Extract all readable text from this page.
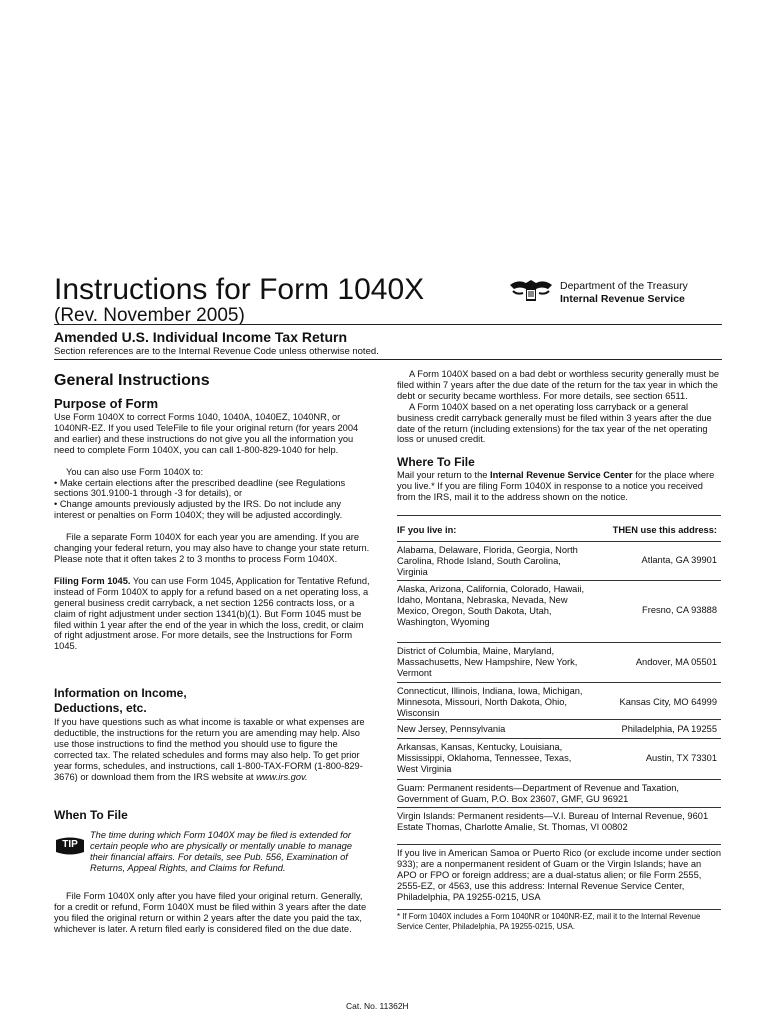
Instructions for Form 1040X
(Rev. November 2005)
Amended U.S. Individual Income Tax Return
Section references are to the Internal Revenue Code unless otherwise noted.
Department of the Treasury
Internal Revenue Service
General Instructions
Purpose of Form

Use Form 1040X to correct Forms 1040, 1040A, 1040EZ, 1040NR, or 1040NR-EZ. If you used TeleFile to file your original return (for years 2004 and earlier) and these instructions do not give you all the information you need to complete Form 1040X, you can call 1-800-829-1040 for help.

You can also use Form 1040X to:

• Make certain elections after the prescribed deadline (see Regulations sections 301.9100-1 through -3 for details), or

• Change amounts previously adjusted by the IRS. Do not include any interest or penalties on Form 1040X; they will be adjusted accordingly.

File a separate Form 1040X for each year you are amending. If you are changing your federal return, you may also have to change your state return. Please note that it often takes 2 to 3 months to process Form 1040X.

Filing Form 1045. You can use Form 1045, Application for Tentative Refund, instead of Form 1040X to apply for a refund based on a net operating loss, a general business credit carryback, a net section 1256 contracts loss, or a claim of right adjustment under section 1341(b)(1). But Form 1045 must be filed within 1 year after the end of the year in which the loss, credit, or claim of right adjustment arose. For more details, see the Instructions for Form 1045.

Information on Income,
Deductions, etc.

If you have questions such as what income is taxable or what expenses are deductible, the instructions for the return you are amending may help. Also use those instructions to find the method you should use to figure the corrected tax. The related schedules and forms may also help. To get prior year forms, schedules, and instructions, call 1-800-TAX-FORM (1-800-829-3676) or download them from the IRS website at www.irs.gov.

When To File
TIP
The time during which Form 1040X may be filed is extended for certain people who are physically or mentally unable to manage their financial affairs. For details, see Pub. 556, Examination of Returns, Appeal Rights, and Claims for Refund.

File Form 1040X only after you have filed your original return. Generally, for a credit or refund, Form 1040X must be filed within 3 years after the date you filed the original return or within 2 years after the date you paid the tax, whichever is later. A return filed early is considered filed on the due date.

A Form 1040X based on a bad debt or worthless security generally must be filed within 7 years after the due date of the return for the tax year in which the debt or security became worthless. For more details, see section 6511.

A Form 1040X based on a net operating loss carryback or a general business credit carryback generally must be filed within 3 years after the due date of the return (including extensions) for the tax year of the net operating loss or unused credit.

Where To File

Mail your return to the Internal Revenue Service Center for the place where you live.* If you are filing Form 1040X in response to a notice you received from the IRS, mail it to the address shown on the notice.

IF you live in:	THEN use this address:
Alabama, Delaware, Florida, Georgia, North Carolina, Rhode Island, South Carolina, Virginia
Atlanta, GA 39901
Alaska, Arizona, California, Colorado, Hawaii, Idaho, Montana, Nebraska, Nevada, New Mexico, Oregon, South Dakota, Utah, Washington, Wyoming
Fresno, CA 93888
District of Columbia, Maine, Maryland, Massachusetts, New Hampshire, New York, Vermont
Andover, MA 05501
Connecticut, Illinois, Indiana, Iowa, Michigan, Minnesota, Missouri, North Dakota, Ohio, Wisconsin
Kansas City, MO 64999
New Jersey, Pennsylvania	Philadelphia, PA 19255
Arkansas, Kansas, Kentucky, Louisiana, Mississippi, Oklahoma, Tennessee, Texas, West Virginia
Austin, TX 73301
Guam: Permanent residents—Department of Revenue and Taxation, Government of Guam, P.O. Box 23607, GMF, GU 96921
Virgin Islands: Permanent residents—V.I. Bureau of Internal Revenue, 9601 Estate Thomas, Charlotte Amalie, St. Thomas, VI 00802
If you live in American Samoa or Puerto Rico (or exclude income under section 933); are a nonpermanent resident of Guam or the Virgin Islands; have an APO or FPO or foreign address; are a dual-status alien; or file Form 2555, 2555-EZ, or 4563, use this address: Internal Revenue Service Center, Philadelphia, PA 19255-0215, USA
* If Form 1040X includes a Form 1040NR or 1040NR-EZ, mail it to the Internal Revenue Service Center, Philadelphia, PA 19255-0215, USA.
Cat. No. 11362H
